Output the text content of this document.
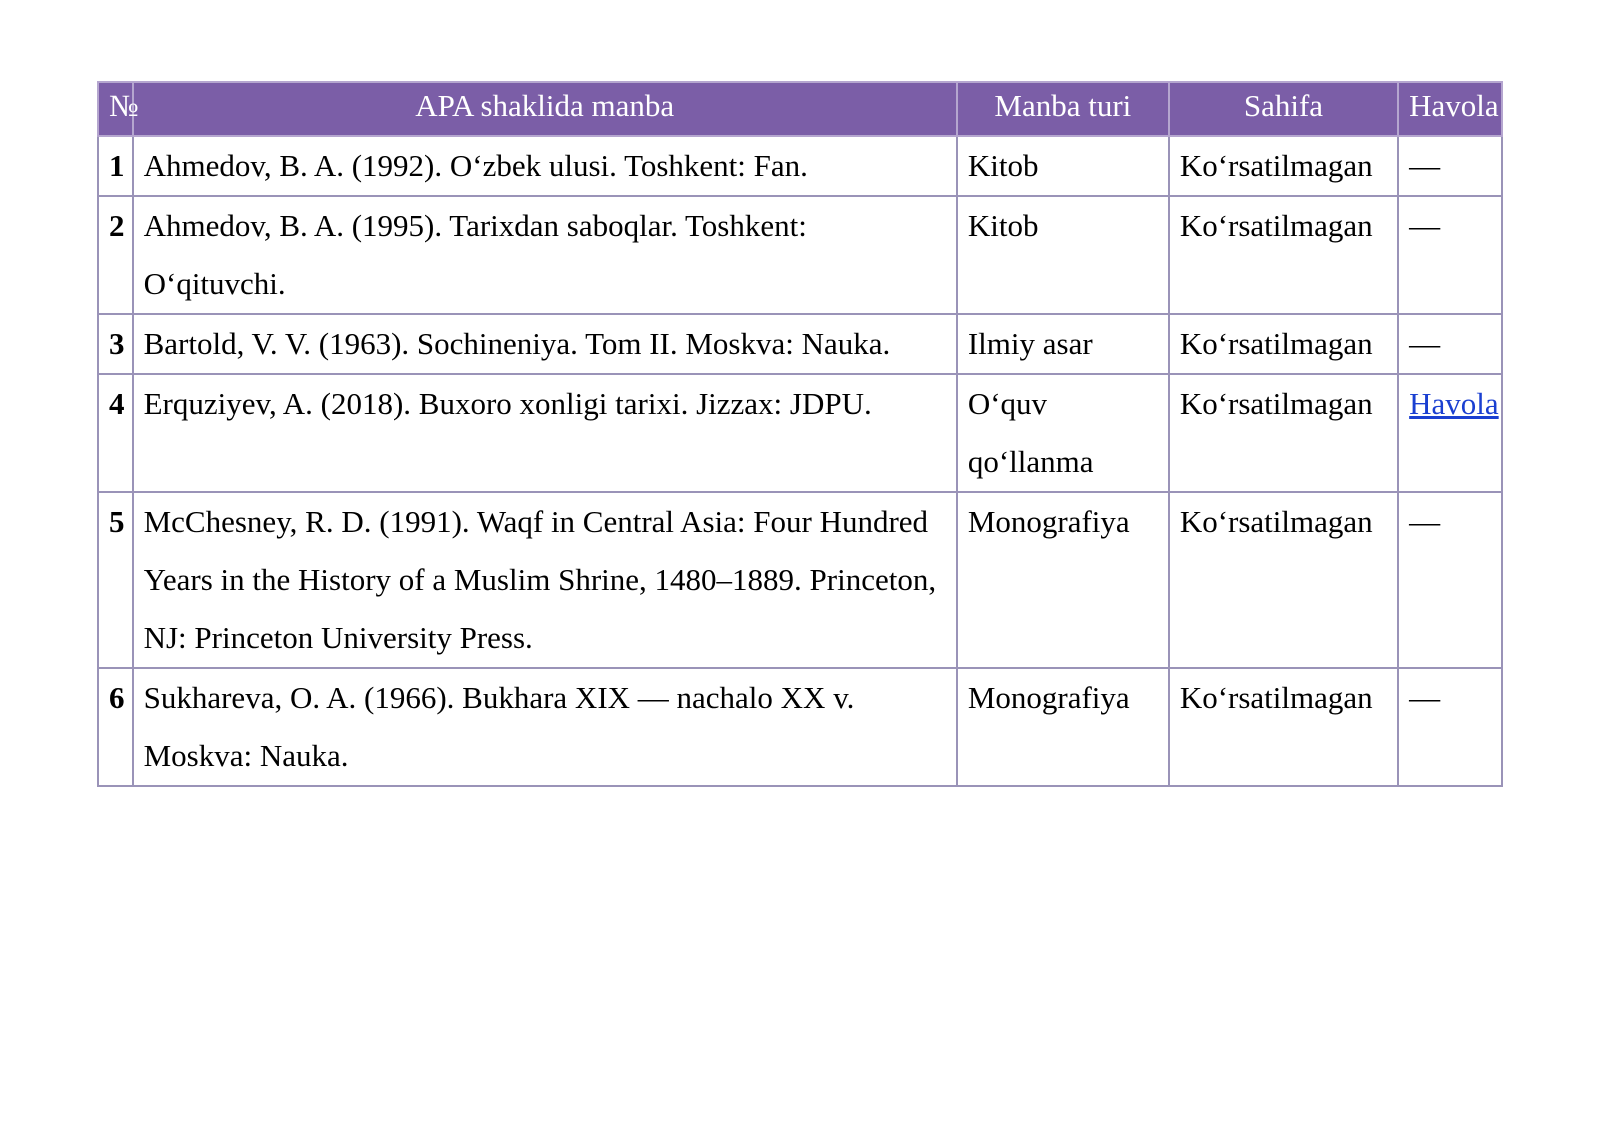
№	APA shaklida manba	Manba turi	Sahifa	Havola
1	Ahmedov, B. A. (1992). O‘zbek ulusi. Toshkent: Fan.	Kitob	Ko‘rsatilmagan	—
2	Ahmedov, B. A. (1995). Tarixdan saboqlar. Toshkent: O‘qituvchi.	Kitob	Ko‘rsatilmagan	—
3	Bartold, V. V. (1963). Sochineniya. Tom II. Moskva: Nauka.	Ilmiy asar	Ko‘rsatilmagan	—
4	Erquziyev, A. (2018). Buxoro xonligi tarixi. Jizzax: JDPU.	O‘quv qo‘llanma	Ko‘rsatilmagan	Havola
5	McChesney, R. D. (1991). Waqf in Central Asia: Four Hundred Years in the History of a Muslim Shrine, 1480–1889. Princeton, NJ: Princeton University Press.	Monografiya	Ko‘rsatilmagan	—
6	Sukhareva, O. A. (1966). Bukhara XIX — nachalo XX v. Moskva: Nauka.	Monografiya	Ko‘rsatilmagan	—
